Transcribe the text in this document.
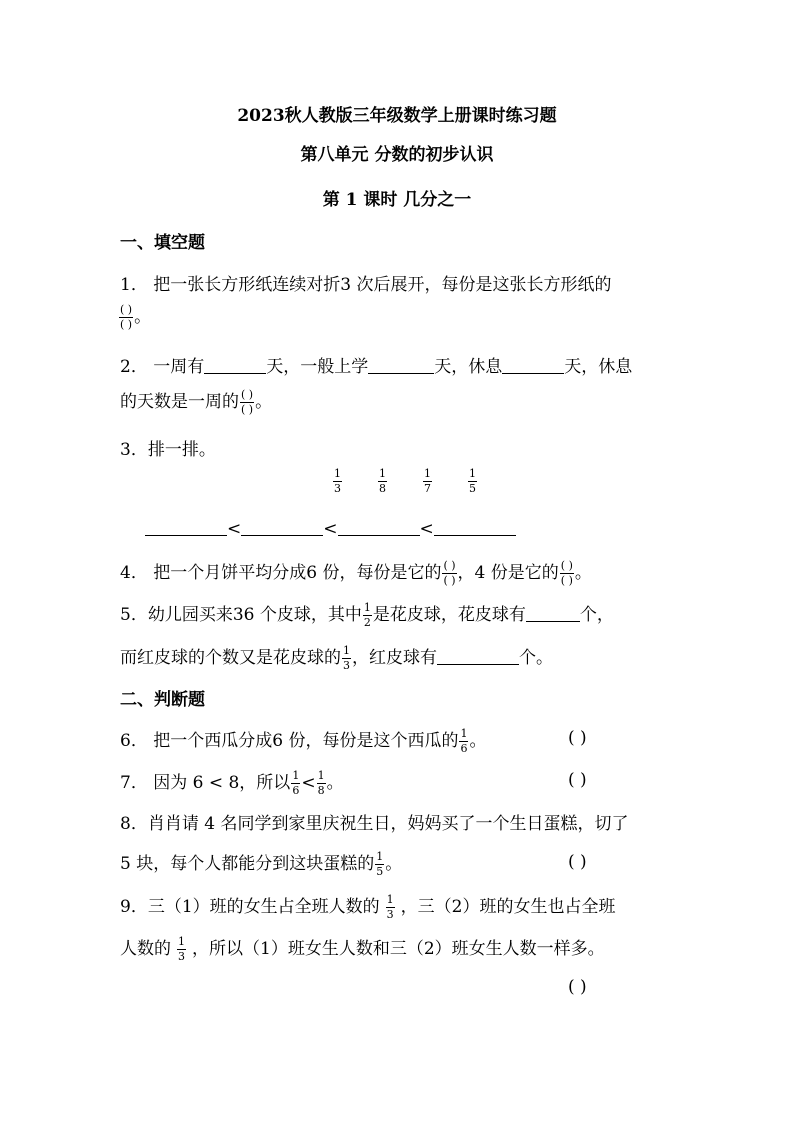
2023秋人教版三年级数学上册课时练习题
第八单元 分数的初步认识
第 1 课时 几分之一
一、填空题
1． 把一张长方形纸连续对折3 次后展开，每份是这张长方形纸的
$\frac{( )}{( )}$ 。
2． 一周有	天，一般上学	天，休息	天，休息
的天数是一周的 $\frac{( )}{( )}$ 。
3．排一排。
$\frac{1}{3}$	$\frac{1}{8}$	$\frac{1}{7}$	$\frac{1}{5}$
<	<	<
4． 把一个月饼平均分成6 份，每份是它的 $\frac{( )}{( )}$ ，4 份是它的 $\frac{( )}{( )}$ 。
5．幼儿园买来36 个皮球，其中 $\frac{1}{2}$ 是花皮球，花皮球有	个，
而红皮球的个数又是花皮球的 $\frac{1}{3}$ ，红皮球有	个。
二、判断题
6． 把一个西瓜分成6 份，每份是这个西瓜的 $\frac{1}{6}$ 。	( )
7． 因为 6 < 8，所以 $\frac{1}{6} < \frac{1}{8}$ 。	( )
8．肖肖请 4 名同学到家里庆祝生日，妈妈买了一个生日蛋糕，切了
5 块，每个人都能分到这块蛋糕的 $\frac{1}{5}$ 。	( )
9．三（1）班的女生占全班人数的 $\frac{1}{3}$ ，三（2）班的女生也占全班
人数的 $\frac{1}{3}$ ，所以（1）班女生人数和三（2）班女生人数一样多。
( )
